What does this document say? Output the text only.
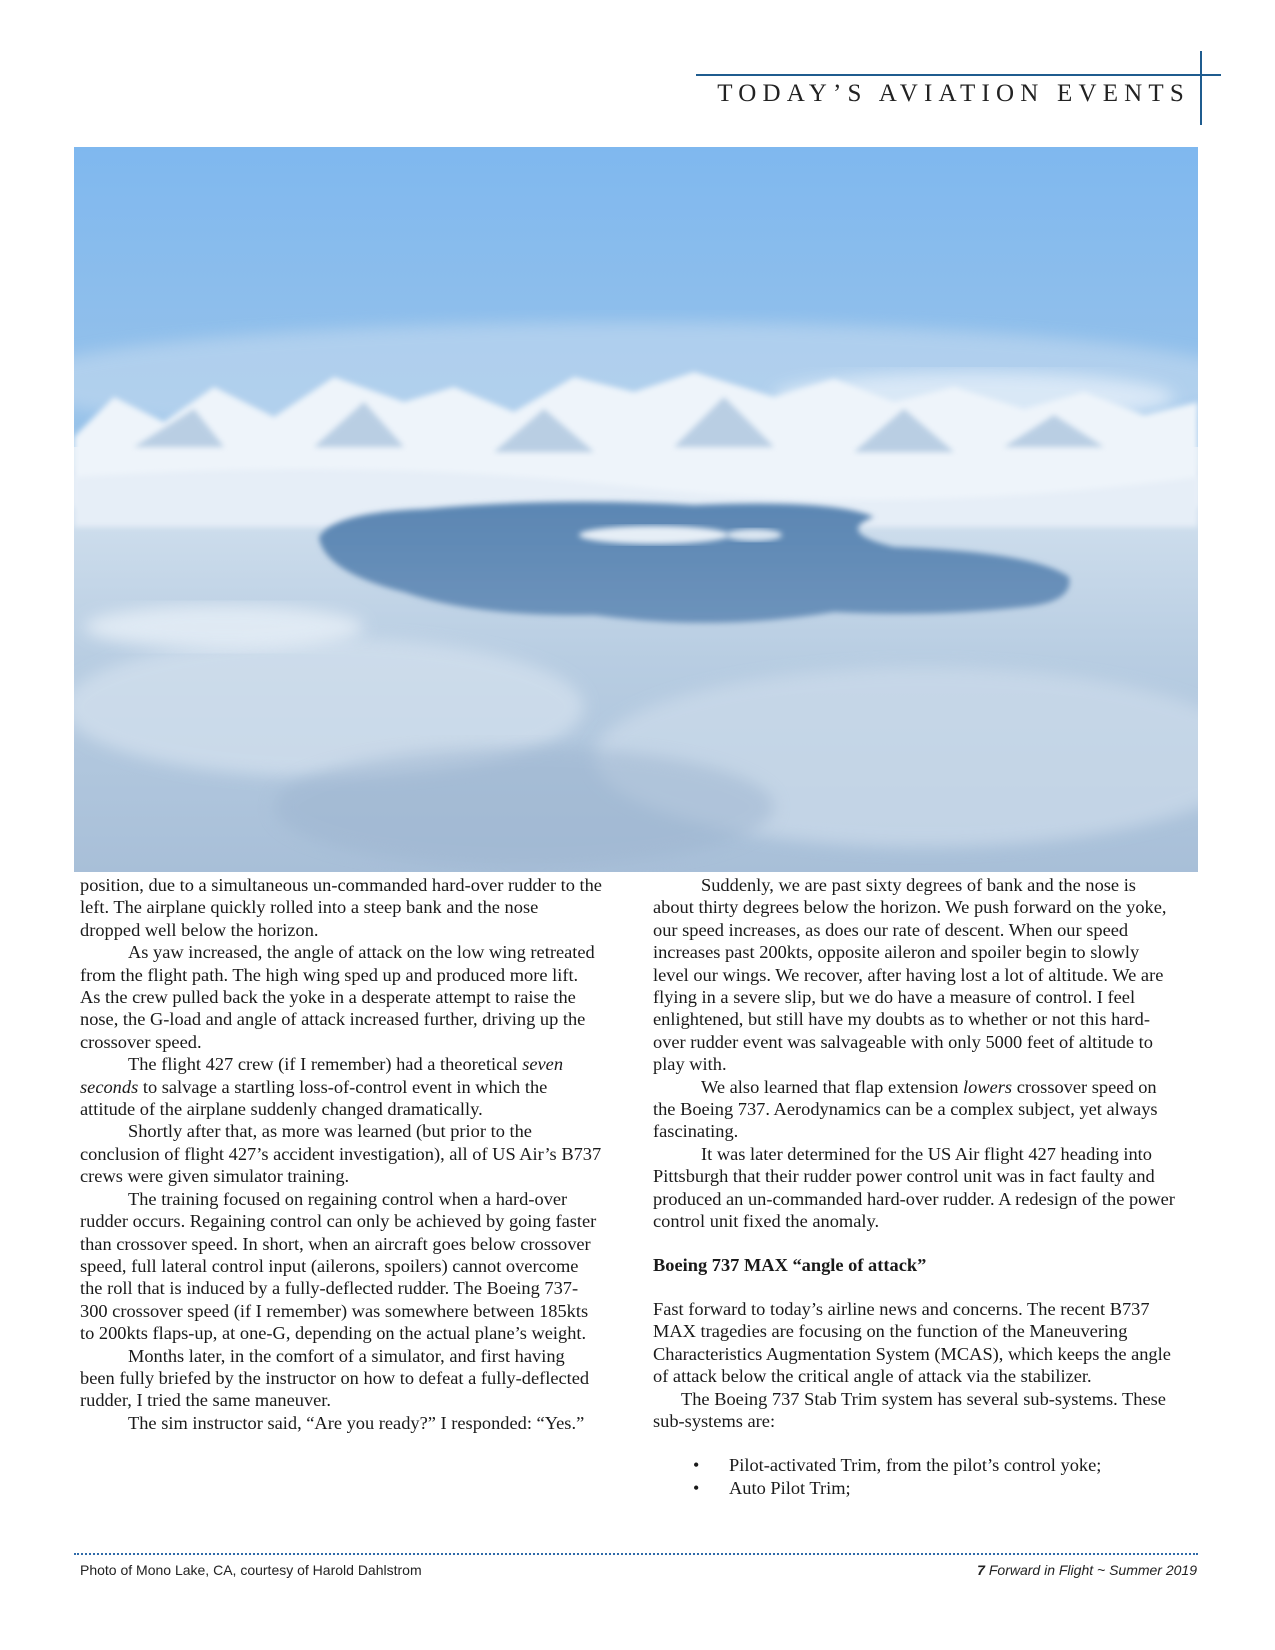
TODAY’S AVIATION EVENTS

position, due to a simultaneous un-commanded hard-over rudder to the left. The airplane quickly rolled into a steep bank and the nose dropped well below the horizon.

As yaw increased, the angle of attack on the low wing retreated from the flight path. The high wing sped up and produced more lift. As the crew pulled back the yoke in a desperate attempt to raise the nose, the G-load and angle of attack increased further, driving up the crossover speed.

The flight 427 crew (if I remember) had a theoretical seven seconds to salvage a startling loss-of-control event in which the attitude of the airplane suddenly changed dramatically.

Shortly after that, as more was learned (but prior to the conclusion of flight 427’s accident investigation), all of US Air’s B737 crews were given simulator training.

The training focused on regaining control when a hard-over rudder occurs. Regaining control can only be achieved by going faster than crossover speed. In short, when an aircraft goes below crossover speed, full lateral control input (ailerons, spoilers) cannot overcome the roll that is induced by a fully-deflected rudder. The Boeing 737-300 crossover speed (if I remember) was somewhere between 185kts to 200kts flaps-up, at one-G, depending on the actual plane’s weight.

Months later, in the comfort of a simulator, and first having been fully briefed by the instructor on how to defeat a fully-deflected rudder, I tried the same maneuver.

The sim instructor said, “Are you ready?” I responded: “Yes.”

Suddenly, we are past sixty degrees of bank and the nose is about thirty degrees below the horizon. We push forward on the yoke, our speed increases, as does our rate of descent. When our speed increases past 200kts, opposite aileron and spoiler begin to slowly level our wings. We recover, after having lost a lot of altitude. We are flying in a severe slip, but we do have a measure of control. I feel enlightened, but still have my doubts as to whether or not this hard-over rudder event was salvageable with only 5000 feet of altitude to play with.

We also learned that flap extension lowers crossover speed on the Boeing 737. Aerodynamics can be a complex subject, yet always fascinating.

It was later determined for the US Air flight 427 heading into Pittsburgh that their rudder power control unit was in fact faulty and produced an un-commanded hard-over rudder. A redesign of the power control unit fixed the anomaly.

Boeing 737 MAX “angle of attack”

Fast forward to today’s airline news and concerns. The recent B737 MAX tragedies are focusing on the function of the Maneuvering Characteristics Augmentation System (MCAS), which keeps the angle of attack below the critical angle of attack via the stabilizer.

The Boeing 737 Stab Trim system has several sub-systems. These sub-systems are:

• Pilot-activated Trim, from the pilot’s control yoke;
• Auto Pilot Trim;
Photo of Mono Lake, CA, courtesy of Harold Dahlstrom	7 Forward in Flight ~ Summer 2019
